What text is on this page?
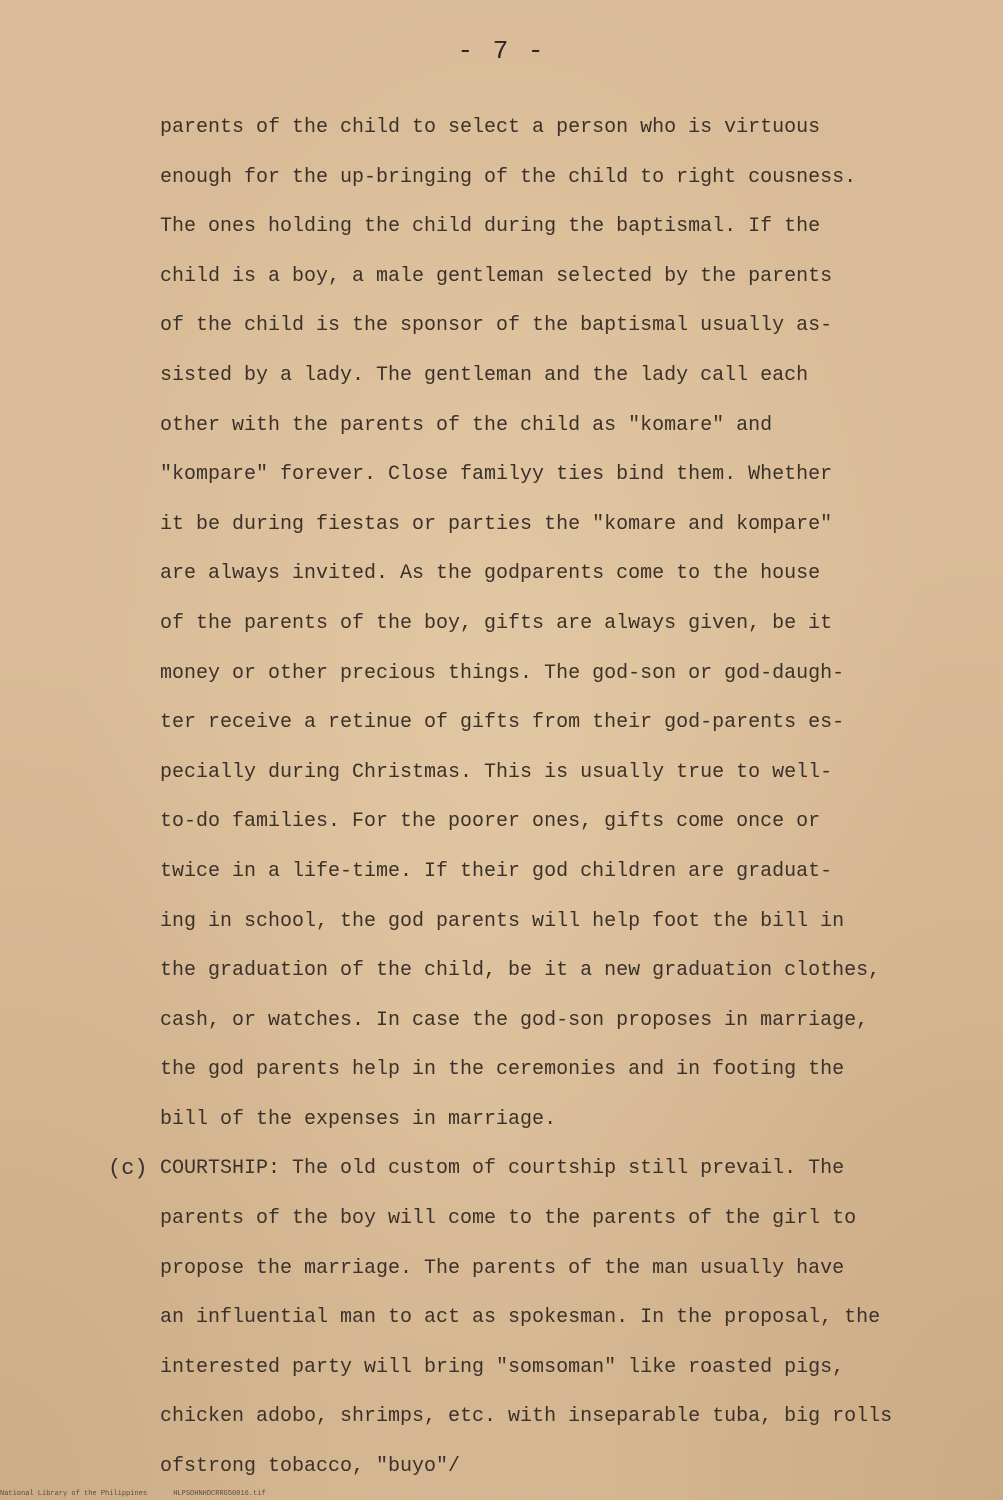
- 7 -
parents of the child to select a person who is virtuous
enough for the up-bringing of the child to right cousness.
The ones holding the child during the baptismal. If the
child is a boy, a male gentleman selected by the parents
of the child is the sponsor of the baptismal usually as-
sisted by a lady. The gentleman and the lady call each
other with the parents of the child as "komare" and
"kompare" forever. Close familyy ties bind them. Whether
it be during fiestas or parties the "komare and kompare"
are always invited. As the godparents come to the house
of the parents of the boy, gifts are always given, be it
money or other precious things. The god-son or god-daugh-
ter receive a retinue of gifts from their god-parents es-
pecially during Christmas. This is usually true to well-
to-do families. For the poorer ones, gifts come once or
twice in a life-time. If their god children are graduat-
ing in school, the god parents will help foot the bill in
the graduation of the child, be it a new graduation clothes,
cash, or watches. In case the god-son proposes in marriage,
the god parents help in the ceremonies and in footing the
bill of the expenses in marriage.
(c) COURTSHIP: The old custom of courtship still prevail. The
parents of the boy will come to the parents of the girl to
propose the marriage. The parents of the man usually have
an influential man to act as spokesman. In the proposal, the
interested party will bring "somsoman" like roasted pigs,
chicken adobo, shrimps, etc. with inseparable tuba, big rolls
ofstrong tobacco, "buyo"/
National Library of the Philippines	HLPSOHNHDCRRG50016.tif
